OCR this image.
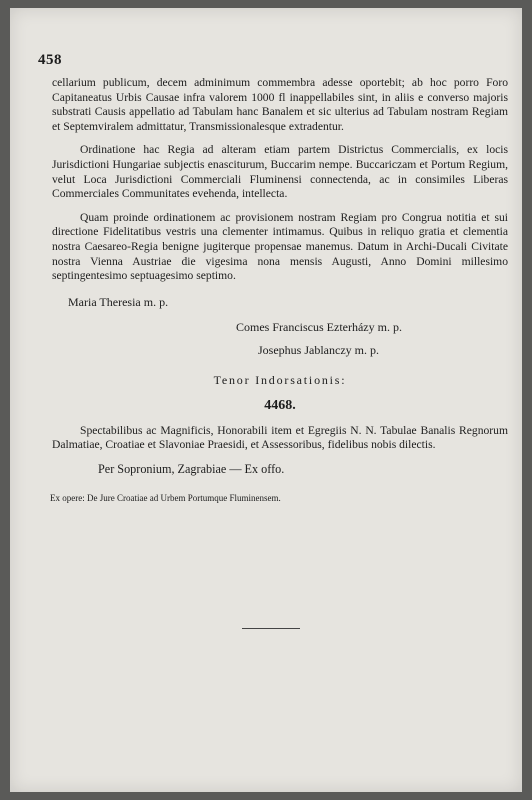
458

cellarium publicum, decem adminimum commembra adesse oportebit; ab hoc porro Foro Capitaneatus Urbis Causae infra valorem 1000 fl inappellabiles sint, in aliis e converso majoris substrati Causis appellatio ad Tabulam hanc Banalem et sic ulterius ad Tabulam nostram Regiam et Septemviralem admittatur, Transmissionalesque extradentur.

Ordinatione hac Regia ad alteram etiam partem Districtus Commercialis, ex locis Jurisdictioni Hungariae subjectis enasciturum, Buccarim nempe. Buccariczam et Portum Regium, velut Loca Jurisdictioni Commerciali Fluminensi connectenda, ac in consimiles Liberas Commerciales Communitates evehenda, intellecta.

Quam proinde ordinationem ac provisionem nostram Regiam pro Congrua notitia et sui directione Fidelitatibus vestris una clementer intimamus. Quibus in reliquo gratia et clementia nostra Caesareo-Regia benigne jugiterque propensae manemus. Datum in Archi-Ducali Civitate nostra Vienna Austriae die vigesima nona mensis Augusti, Anno Domini millesimo septingentesimo septuagesimo septimo.

Maria Theresia m. p.
Comes Franciscus Ezterházy m. p.
Josephus Jablanczy m. p.
Tenor Indorsationis:
4468.

Spectabilibus ac Magnificis, Honorabili item et Egregiis N. N. Tabulae Banalis Regnorum Dalmatiae, Croatiae et Slavoniae Praesidi, et Assessoribus, fidelibus nobis dilectis.

Per Sopronium, Zagrabiae — Ex offo.
Ex opere: De Jure Croatiae ad Urbem Portumque Fluminensem.
